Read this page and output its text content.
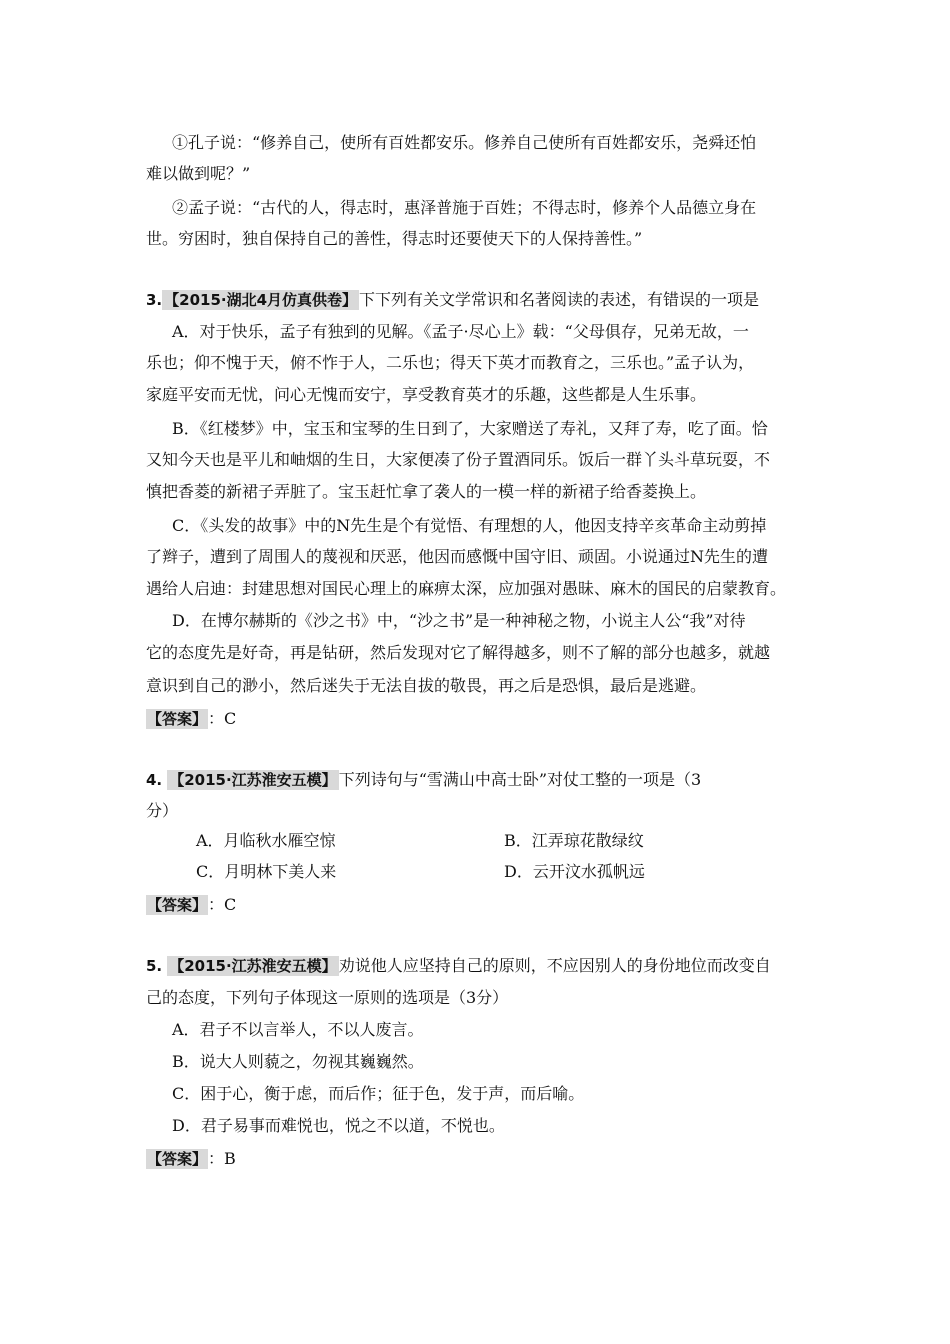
①孔子说：“修养自己，使所有百姓都安乐。修养自己使所有百姓都安乐，尧舜还怕
难以做到呢？”
②孟子说：“古代的人，得志时，惠泽普施于百姓；不得志时，修养个人品德立身在
世。穷困时，独自保持自己的善性，得志时还要使天下的人保持善性。”
3. 【2015·湖北4月仿真供卷】 下下列有关文学常识和名著阅读的表述，有错误的一项是
A．对于快乐，孟子有独到的见解。《孟子·尽心上》载：“父母俱存，兄弟无故，一
乐也；仰不愧于天，俯不怍于人，二乐也；得天下英才而教育之，三乐也。”孟子认为，
家庭平安而无忧，问心无愧而安宁，享受教育英才的乐趣，这些都是人生乐事。
B．《红楼梦》中，宝玉和宝琴的生日到了，大家赠送了寿礼，又拜了寿，吃了面。恰
又知今天也是平儿和岫烟的生日，大家便凑了份子置酒同乐。饭后一群丫头斗草玩耍，不
慎把香菱的新裙子弄脏了。宝玉赶忙拿了袭人的一模一样的新裙子给香菱换上。
C．《头发的故事》中的N先生是个有觉悟、有理想的人，他因支持辛亥革命主动剪掉
了辫子，遭到了周围人的蔑视和厌恶，他因而感慨中国守旧、顽固。小说通过N先生的遭
遇给人启迪：封建思想对国民心理上的麻痹太深，应加强对愚昧、麻木的国民的启蒙教育。
D．在博尔赫斯的《沙之书》中，“沙之书”是一种神秘之物，小说主人公“我”对待
它的态度先是好奇，再是钻研，然后发现对它了解得越多，则不了解的部分也越多，就越
意识到自己的渺小，然后迷失于无法自拔的敬畏，再之后是恐惧，最后是逃避。
【答案】：C
4. 【2015·江苏淮安五模】 下列诗句与“雪满山中高士卧”对仗工整的一项是（3
分）
A．月临秋水雁空惊	B．江弄琼花散绿纹
C．月明林下美人来	D．云开汶水孤帆远
【答案】：C
5. 【2015·江苏淮安五模】 劝说他人应坚持自己的原则，不应因别人的身份地位而改变自
己的态度，下列句子体现这一原则的选项是（3分）
A．君子不以言举人，不以人废言。
B．说大人则藐之，勿视其巍巍然。
C．困于心，衡于虑，而后作；征于色，发于声，而后喻。
D．君子易事而难悦也，悦之不以道，不悦也。
【答案】：B
